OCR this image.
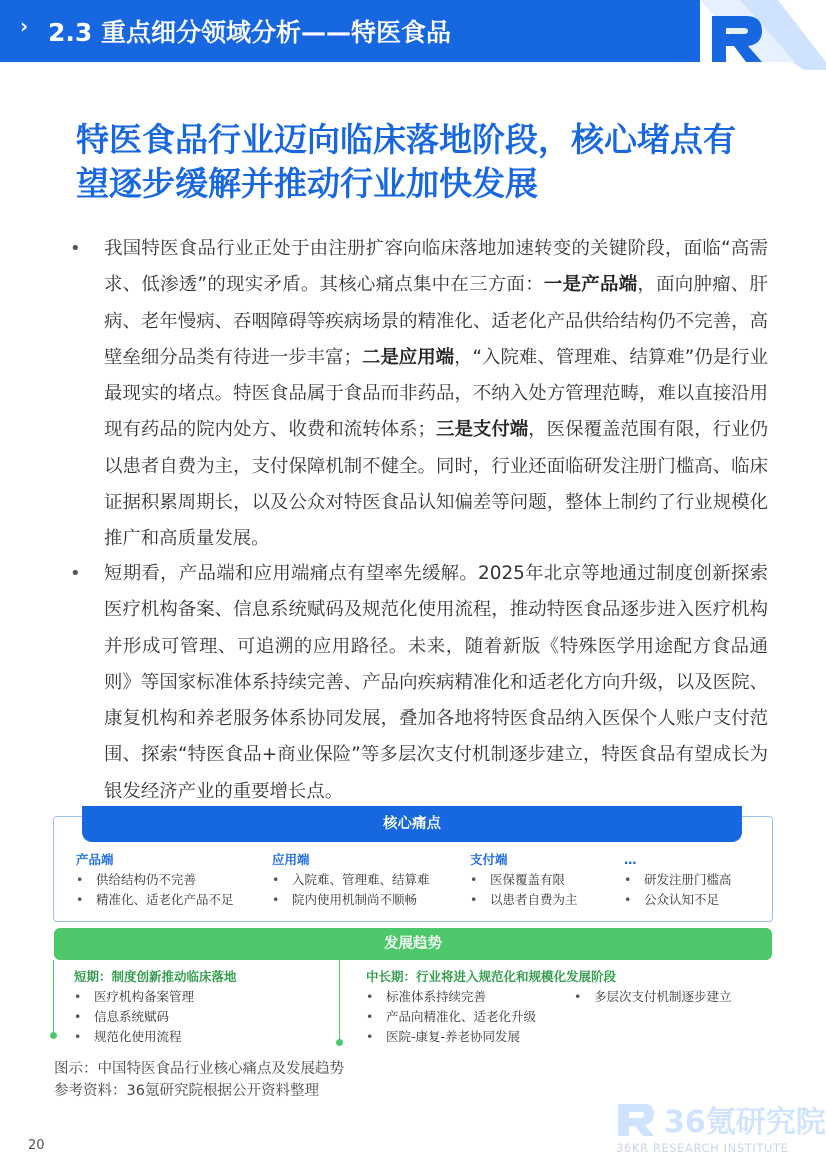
› 2.3 重点细分领域分析——特医食品
特医食品行业迈向临床落地阶段，核心堵点有望逐步缓解并推动行业加快发展
• 我国特医食品行业正处于由注册扩容向临床落地加速转变的关键阶段，面临“高需求、低渗透”的现实矛盾。其核心痛点集中在三方面：一是产品端，面向肿瘤、肝病、老年慢病、吞咽障碍等疾病场景的精准化、适老化产品供给结构仍不完善，高壁垒细分品类有待进一步丰富；二是应用端，“入院难、管理难、结算难”仍是行业最现实的堵点。特医食品属于食品而非药品，不纳入处方管理范畴，难以直接沿用现有药品的院内处方、收费和流转体系；三是支付端，医保覆盖范围有限，行业仍以患者自费为主，支付保障机制不健全。同时，行业还面临研发注册门槛高、临床证据积累周期长，以及公众对特医食品认知偏差等问题，整体上制约了行业规模化推广和高质量发展。

• 短期看，产品端和应用端痛点有望率先缓解。2025年北京等地通过制度创新探索医疗机构备案、信息系统赋码及规范化使用流程，推动特医食品逐步进入医疗机构并形成可管理、可追溯的应用路径。未来，随着新版《特殊医学用途配方食品通则》等国家标准体系持续完善、产品向疾病精准化和适老化方向升级，以及医院、康复机构和养老服务体系协同发展，叠加各地将特医食品纳入医保个人账户支付范围、探索“特医食品+商业保险”等多层次支付机制逐步建立，特医食品有望成长为银发经济产业的重要增长点。

核心痛点
产品端
• 供给结构仍不完善
• 精准化、适老化产品不足
应用端
• 入院难、管理难、结算难
• 院内使用机制尚不顺畅
支付端
• 医保覆盖有限
• 以患者自费为主
…
• 研发注册门槛高
• 公众认知不足
发展趋势
短期：制度创新推动临床落地
• 医疗机构备案管理
• 信息系统赋码
• 规范化使用流程
中长期：行业将进入规范化和规模化发展阶段
• 标准体系持续完善
• 产品向精准化、适老化升级
• 医院-康复-养老协同发展
• 多层次支付机制逐步建立
图示：中国特医食品行业核心痛点及发展趋势
参考资料：36氪研究院根据公开资料整理
36氪研究院
36KR RESEARCH INSTITUTE
20
